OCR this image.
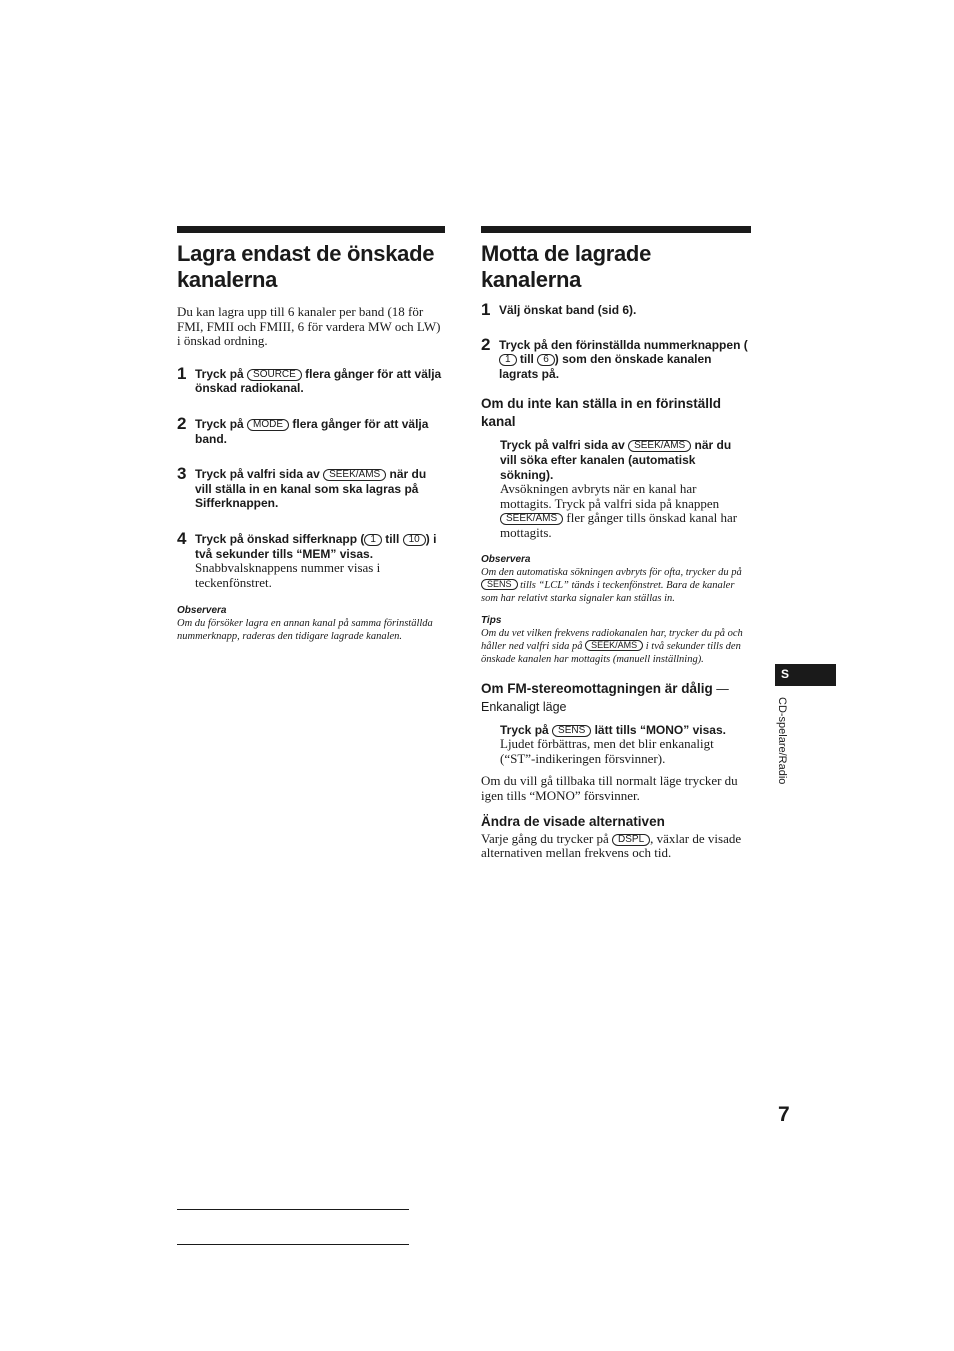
Lagra endast de önskade kanalerna

Du kan lagra upp till 6 kanaler per band (18 för FMI, FMII och FMIII, 6 för vardera MW och LW) i önskad ordning.

1 Tryck på SOURCE flera gånger för att välja önskad radiokanal.
2 Tryck på MODE flera gånger för att välja band.
3 Tryck på valfri sida av SEEK/AMS när du vill ställa in en kanal som ska lagras på Sifferknappen.
4 Tryck på önskad sifferknapp ( 1 till 10 ) i två sekunder tills “MEM” visas.
Snabbvalsknappens nummer visas i teckenfönstret.
Observera
Om du försöker lagra en annan kanal på samma förinställda nummerknapp, raderas den tidigare lagrade kanalen.
Motta de lagrade kanalerna
1 Välj önskat band (sid 6).
2 Tryck på den förinställda nummerknappen (1 till 6 ) som den önskade kanalen lagrats på.
Om du inte kan ställa in en förinställd kanal
Tryck på valfri sida av SEEK/AMS när du vill söka efter kanalen (automatisk sökning).

Avsökningen avbryts när en kanal har mottagits. Tryck på valfri sida på knappen SEEK/AMS fler gånger tills önskad kanal har mottagits.

Observera
Om den automatiska sökningen avbryts för ofta, trycker du på SENS tills “LCL” tänds i teckenfönstret. Bara de kanaler som har relativt starka signaler kan ställas in.
Tips
Om du vet vilken frekvens radiokanalen har, trycker du på och håller ned valfri sida på SEEK/AMS i två sekunder tills den önskade kanalen har mottagits (manuell inställning).
Om FM-stereomottagningen är dålig — Enkanaligt läge
Tryck på SENS lätt tills “MONO” visas.

Ljudet förbättras, men det blir enkanaligt (“ST”-indikeringen försvinner).

Om du vill gå tillbaka till normalt läge trycker du igen tills “MONO” försvinner.

Ändra de visade alternativen

Varje gång du trycker på DSPL , växlar de visade alternativen mellan frekvens och tid.

S
CD-spelare/Radio
7
